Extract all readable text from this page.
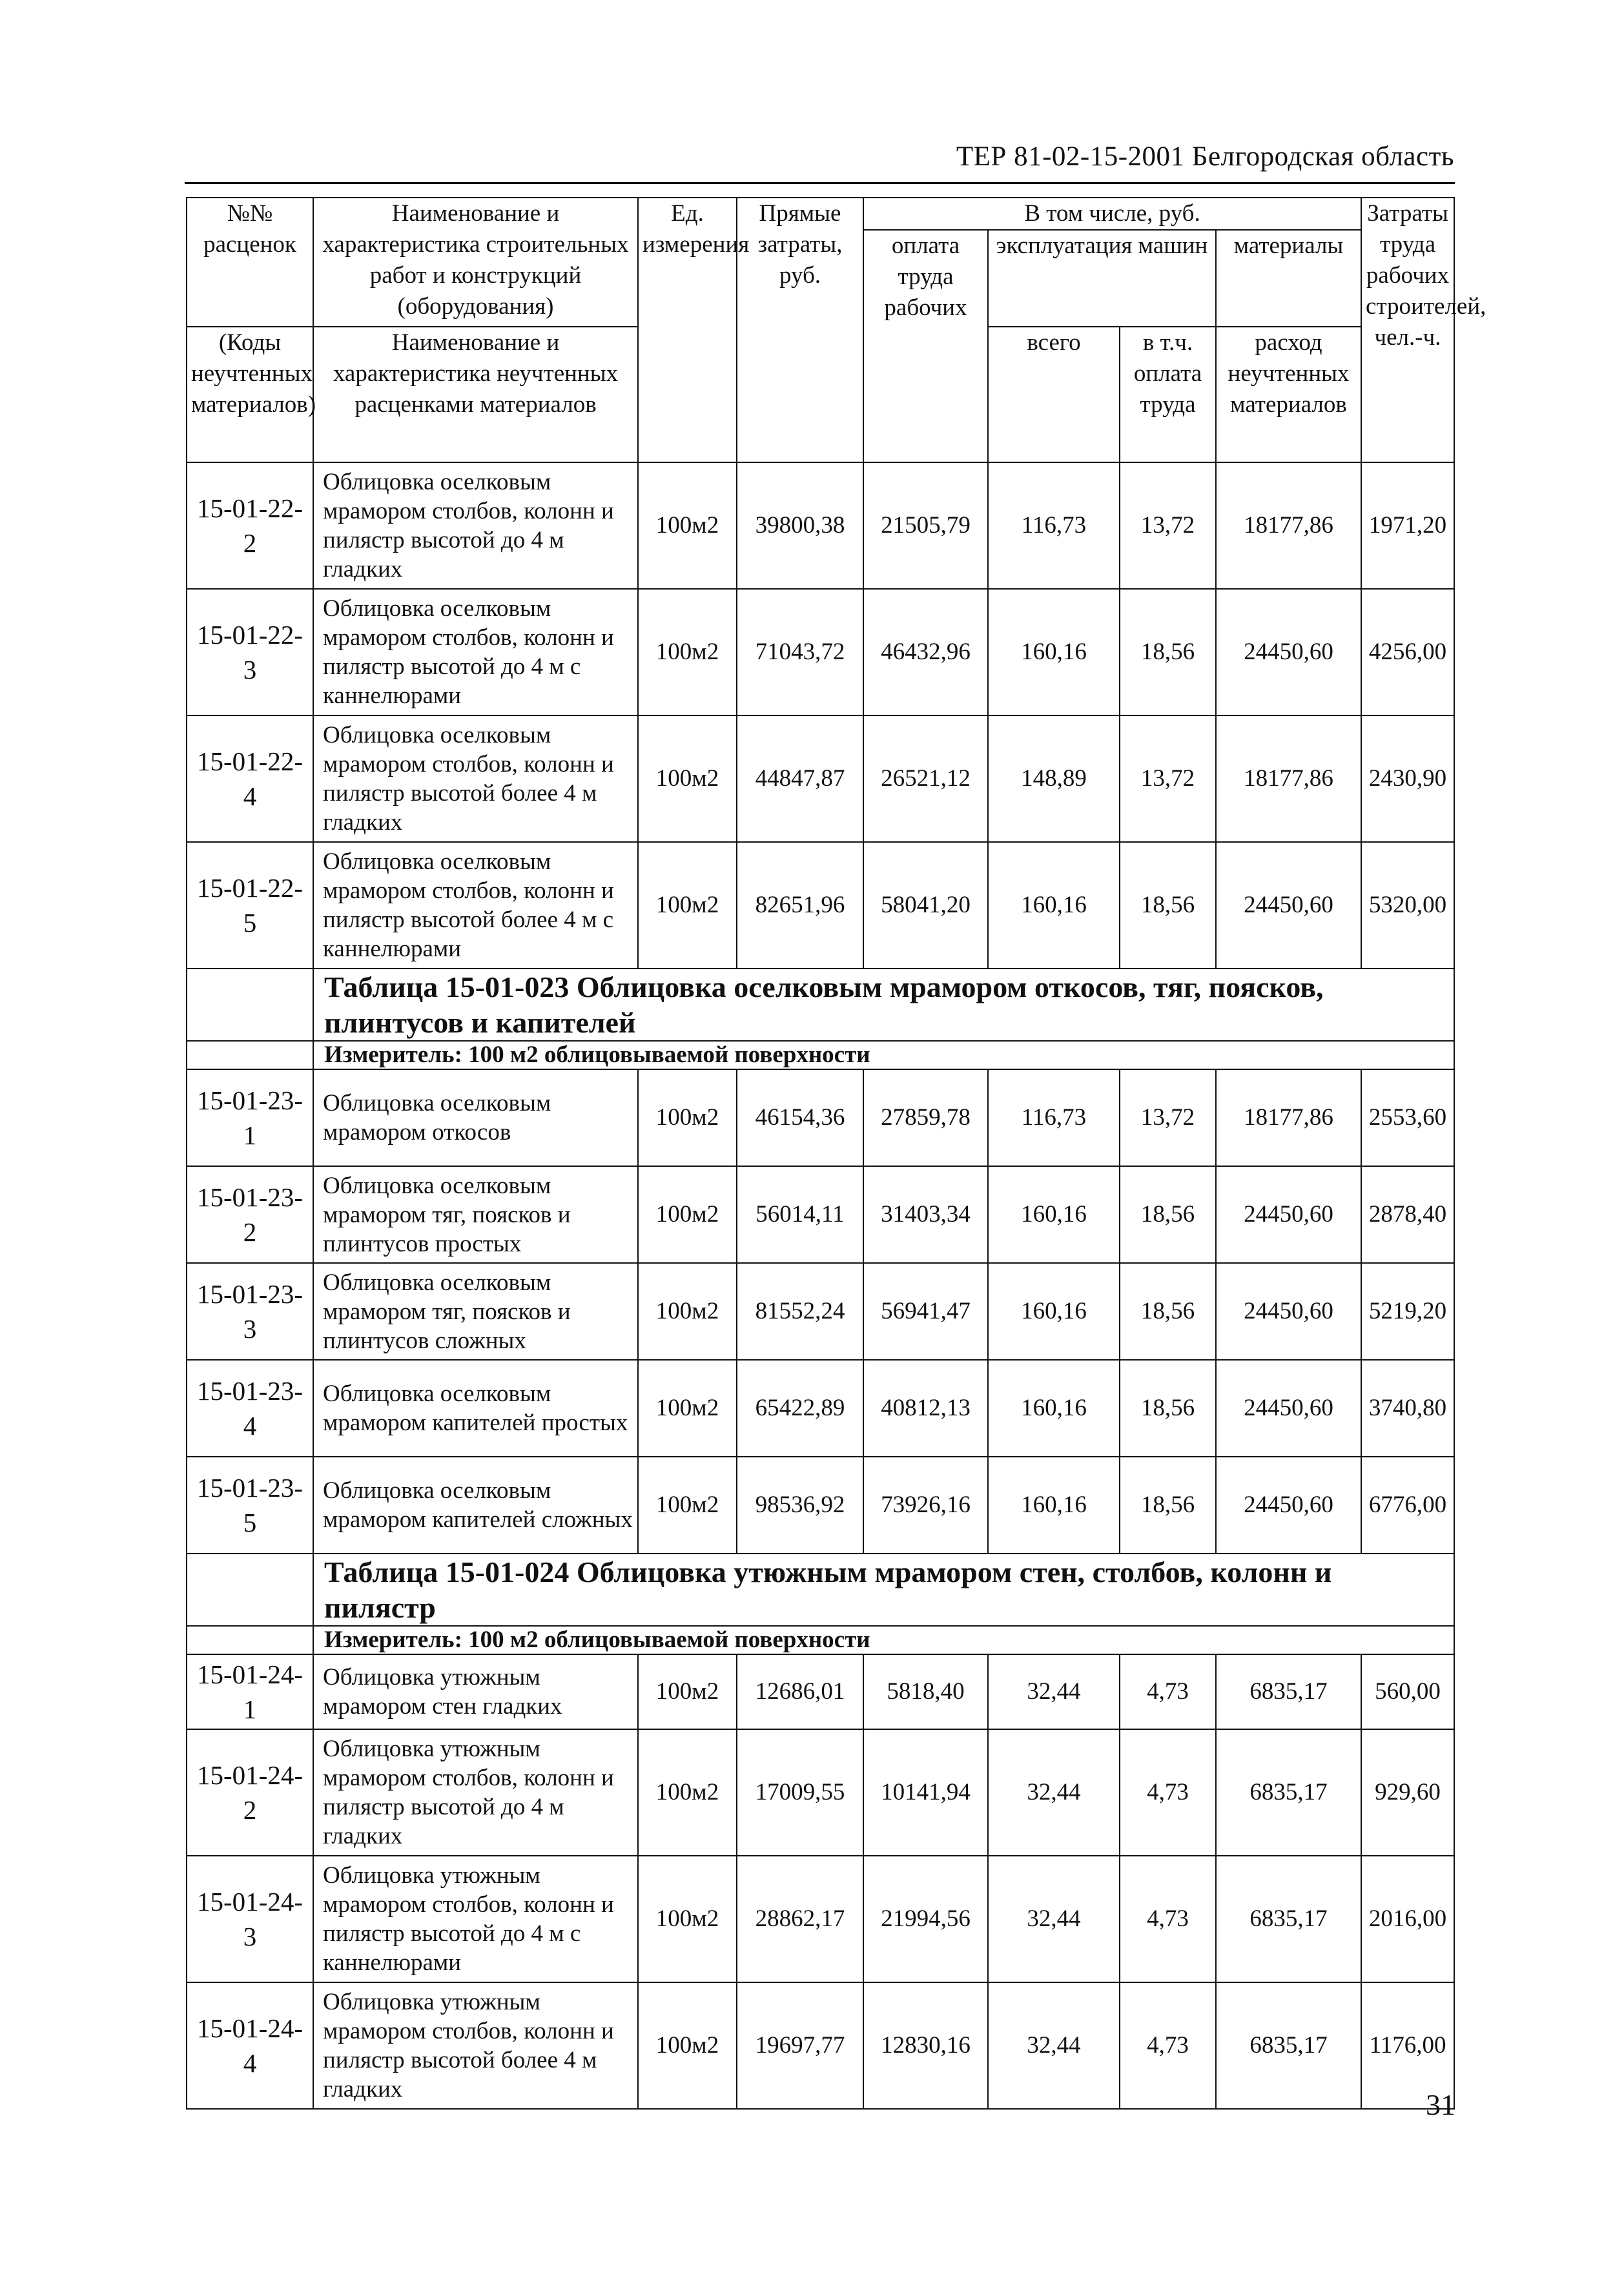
ТЕР 81-02-15-2001 Белгородская область
№№ расценок	Наименование и характеристика строительных работ и конструкций (оборудования)	Ед. измерения	Прямые затраты, руб.	В том числе, руб.				Затраты труда рабочих строителей, чел.-ч.
				оплата труда рабочих	эксплуатация машин		материалы	
(Коды неучтенных материалов)	Наименование и характеристика неучтенных расценками материалов				всего	в т.ч. оплата труда	расход неучтенных материалов	

15-01-22-2	Облицовка оселковым мрамором столбов, колонн и пилястр высотой до 4 м гладких	100м2	39800,38	21505,79	116,73	13,72	18177,86	1971,20
15-01-22-3	Облицовка оселковым мрамором столбов, колонн и пилястр высотой до 4 м с каннелюрами	100м2	71043,72	46432,96	160,16	18,56	24450,60	4256,00
15-01-22-4	Облицовка оселковым мрамором столбов, колонн и пилястр высотой более 4 м гладких	100м2	44847,87	26521,12	148,89	13,72	18177,86	2430,90
15-01-22-5	Облицовка оселковым мрамором столбов, колонн и пилястр высотой более 4 м с каннелюрами	100м2	82651,96	58041,20	160,16	18,56	24450,60	5320,00
	Таблица 15-01-023 Облицовка оселковым мрамором откосов, тяг, поясков, плинтусов и капителей							
	Измеритель: 100 м2 облицовываемой поверхности							
15-01-23-1	Облицовка оселковым мрамором откосов	100м2	46154,36	27859,78	116,73	13,72	18177,86	2553,60
15-01-23-2	Облицовка оселковым мрамором тяг, поясков и плинтусов простых	100м2	56014,11	31403,34	160,16	18,56	24450,60	2878,40
15-01-23-3	Облицовка оселковым мрамором тяг, поясков и плинтусов сложных	100м2	81552,24	56941,47	160,16	18,56	24450,60	5219,20
15-01-23-4	Облицовка оселковым мрамором капителей простых	100м2	65422,89	40812,13	160,16	18,56	24450,60	3740,80
15-01-23-5	Облицовка оселковым мрамором капителей сложных	100м2	98536,92	73926,16	160,16	18,56	24450,60	6776,00
	Таблица 15-01-024 Облицовка утюжным мрамором стен, столбов, колонн и пилястр							
	Измеритель: 100 м2 облицовываемой поверхности							
15-01-24-1	Облицовка утюжным мрамором стен гладких	100м2	12686,01	5818,40	32,44	4,73	6835,17	560,00
15-01-24-2	Облицовка утюжным мрамором столбов, колонн и пилястр высотой до 4 м гладких	100м2	17009,55	10141,94	32,44	4,73	6835,17	929,60
15-01-24-3	Облицовка утюжным мрамором столбов, колонн и пилястр высотой до 4 м с каннелюрами	100м2	28862,17	21994,56	32,44	4,73	6835,17	2016,00
15-01-24-4	Облицовка утюжным мрамором столбов, колонн и пилястр высотой более 4 м гладких	100м2	19697,77	12830,16	32,44	4,73	6835,17	1176,00
31
